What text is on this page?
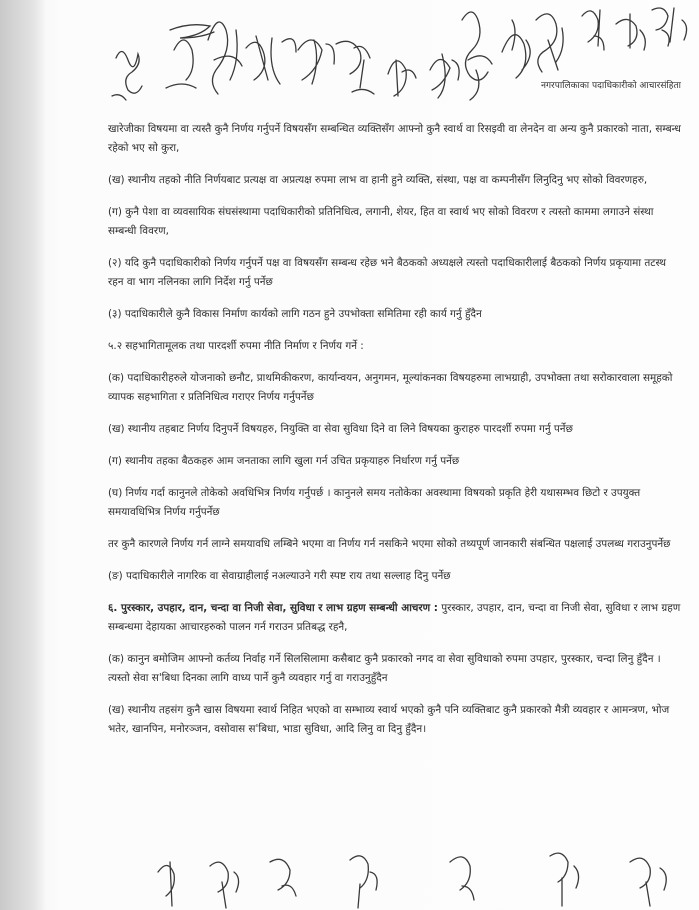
नगरपालिकाका पदाधिकारीको आचारसंहिता

खारेजीका विषयमा वा त्यस्तै कुनै निर्णय गर्नुपर्ने विषयसँग सम्बन्धित व्यक्तिसँग आफ्नो कुनै स्वार्थ वा रिसइवी वा लेनदेन वा अन्य कुनै प्रकारको नाता, सम्बन्ध रहेको भए सो कुरा,

(ख) स्थानीय तहको नीति निर्णयबाट प्रत्यक्ष वा अप्रत्यक्ष रुपमा लाभ वा हानी हुने व्यक्ति, संस्था, पक्ष वा कम्पनीसँग लिनुदिनु भए सोको विवरणहरु,

(ग) कुनै पेशा वा व्यवसायिक संघसंस्थामा पदाधिकारीको प्रतिनिधित्व, लगानी, शेयर, हित वा स्वार्थ भए सोको विवरण र त्यस्तो काममा लगाउने संस्था सम्बन्धी विवरण,

(२) यदि कुनै पदाधिकारीको निर्णय गर्नुपर्ने पक्ष वा विषयसँग सम्बन्ध रहेछ भने बैठकको अध्यक्षले त्यस्तो पदाधिकारीलाई बैठकको निर्णय प्रकृयामा तटस्थ रहन वा भाग नलिनका लागि निर्देश गर्नु पर्नेछ

(३) पदाधिकारीले कुनै विकास निर्माण कार्यको लागि गठन हुने उपभोक्ता समितिमा रही कार्य गर्नु हुँदैन

५.२ सहभागितामूलक तथा पारदर्शी रुपमा नीति निर्माण र निर्णय गर्ने :

(क) पदाधिकारीहरुले योजनाको छनौट, प्राथमिकीकरण, कार्यान्वयन, अनुगमन, मूल्यांकनका विषयहरुमा लाभग्राही, उपभोक्ता तथा सरोकारवाला समूहको व्यापक सहभागिता र प्रतिनिधित्व गराएर निर्णय गर्नुपर्नेछ

(ख) स्थानीय तहबाट निर्णय दिनुपर्ने विषयहरु, नियुक्ति वा सेवा सुविधा दिने वा लिने विषयका कुराहरु पारदर्शी रुपमा गर्नु पर्नेछ

(ग) स्थानीय तहका बैठकहरु आम जनताका लागि खुला गर्न उचित प्रकृयाहरु निर्धारण गर्नु पर्नेछ

(घ) निर्णय गर्दा कानुनले तोकेको अवधिभित्र निर्णय गर्नुपर्छ । कानुनले समय नतोकेका अवस्थामा विषयको प्रकृति हेरी यथासम्भव छिटो र उपयुक्त समयावधिभित्र निर्णय गर्नुपर्नेछ

तर कुनै कारणले निर्णय गर्न लाग्ने समयावधि लम्बिने भएमा वा निर्णय गर्न नसकिने भएमा सोको तथ्यपूर्ण जानकारी संबन्धित पक्षलाई उपलब्ध गराउनुपर्नेछ

(ङ) पदाधिकारीले नागरिक वा सेवाग्राहीलाई नअल्याउने गरी स्पष्ट राय तथा सल्लाह दिनु पर्नेछ

६. पुरस्कार, उपहार, दान, चन्दा वा निजी सेवा, सुविधा र लाभ ग्रहण सम्बन्धी आचरण : पुरस्कार, उपहार, दान, चन्दा वा निजी सेवा, सुविधा र लाभ ग्रहण सम्बन्धमा देहायका आचारहरुको पालन गर्न गराउन प्रतिबद्ध रहनै,

(क) कानुन बमोजिम आफ्नो कर्तव्य निर्वाह गर्ने सिलसिलामा कसैबाट कुनै प्रकारको नगद वा सेवा सुविधाको रुपमा उपहार, पुरस्कार, चन्दा लिनु हुँदैन । त्यस्तो सेवा स'बिधा दिनका लागि वाध्य पार्ने कुनै व्यवहार गर्नु वा गराउनुहुँदैन

(ख) स्थानीय तहसंग कुनै खास विषयमा स्वार्थ निहित भएको वा सम्भाव्य स्वार्थ भएको कुनै पनि व्यक्तिबाट कुनै प्रकारको मैत्री व्यवहार र आमन्त्रण, भोज भतेर, खानपिन, मनोरञ्जन, वसोवास स'बिधा, भाडा सुविधा, आदि लिनु वा दिनु हुँदैन।
